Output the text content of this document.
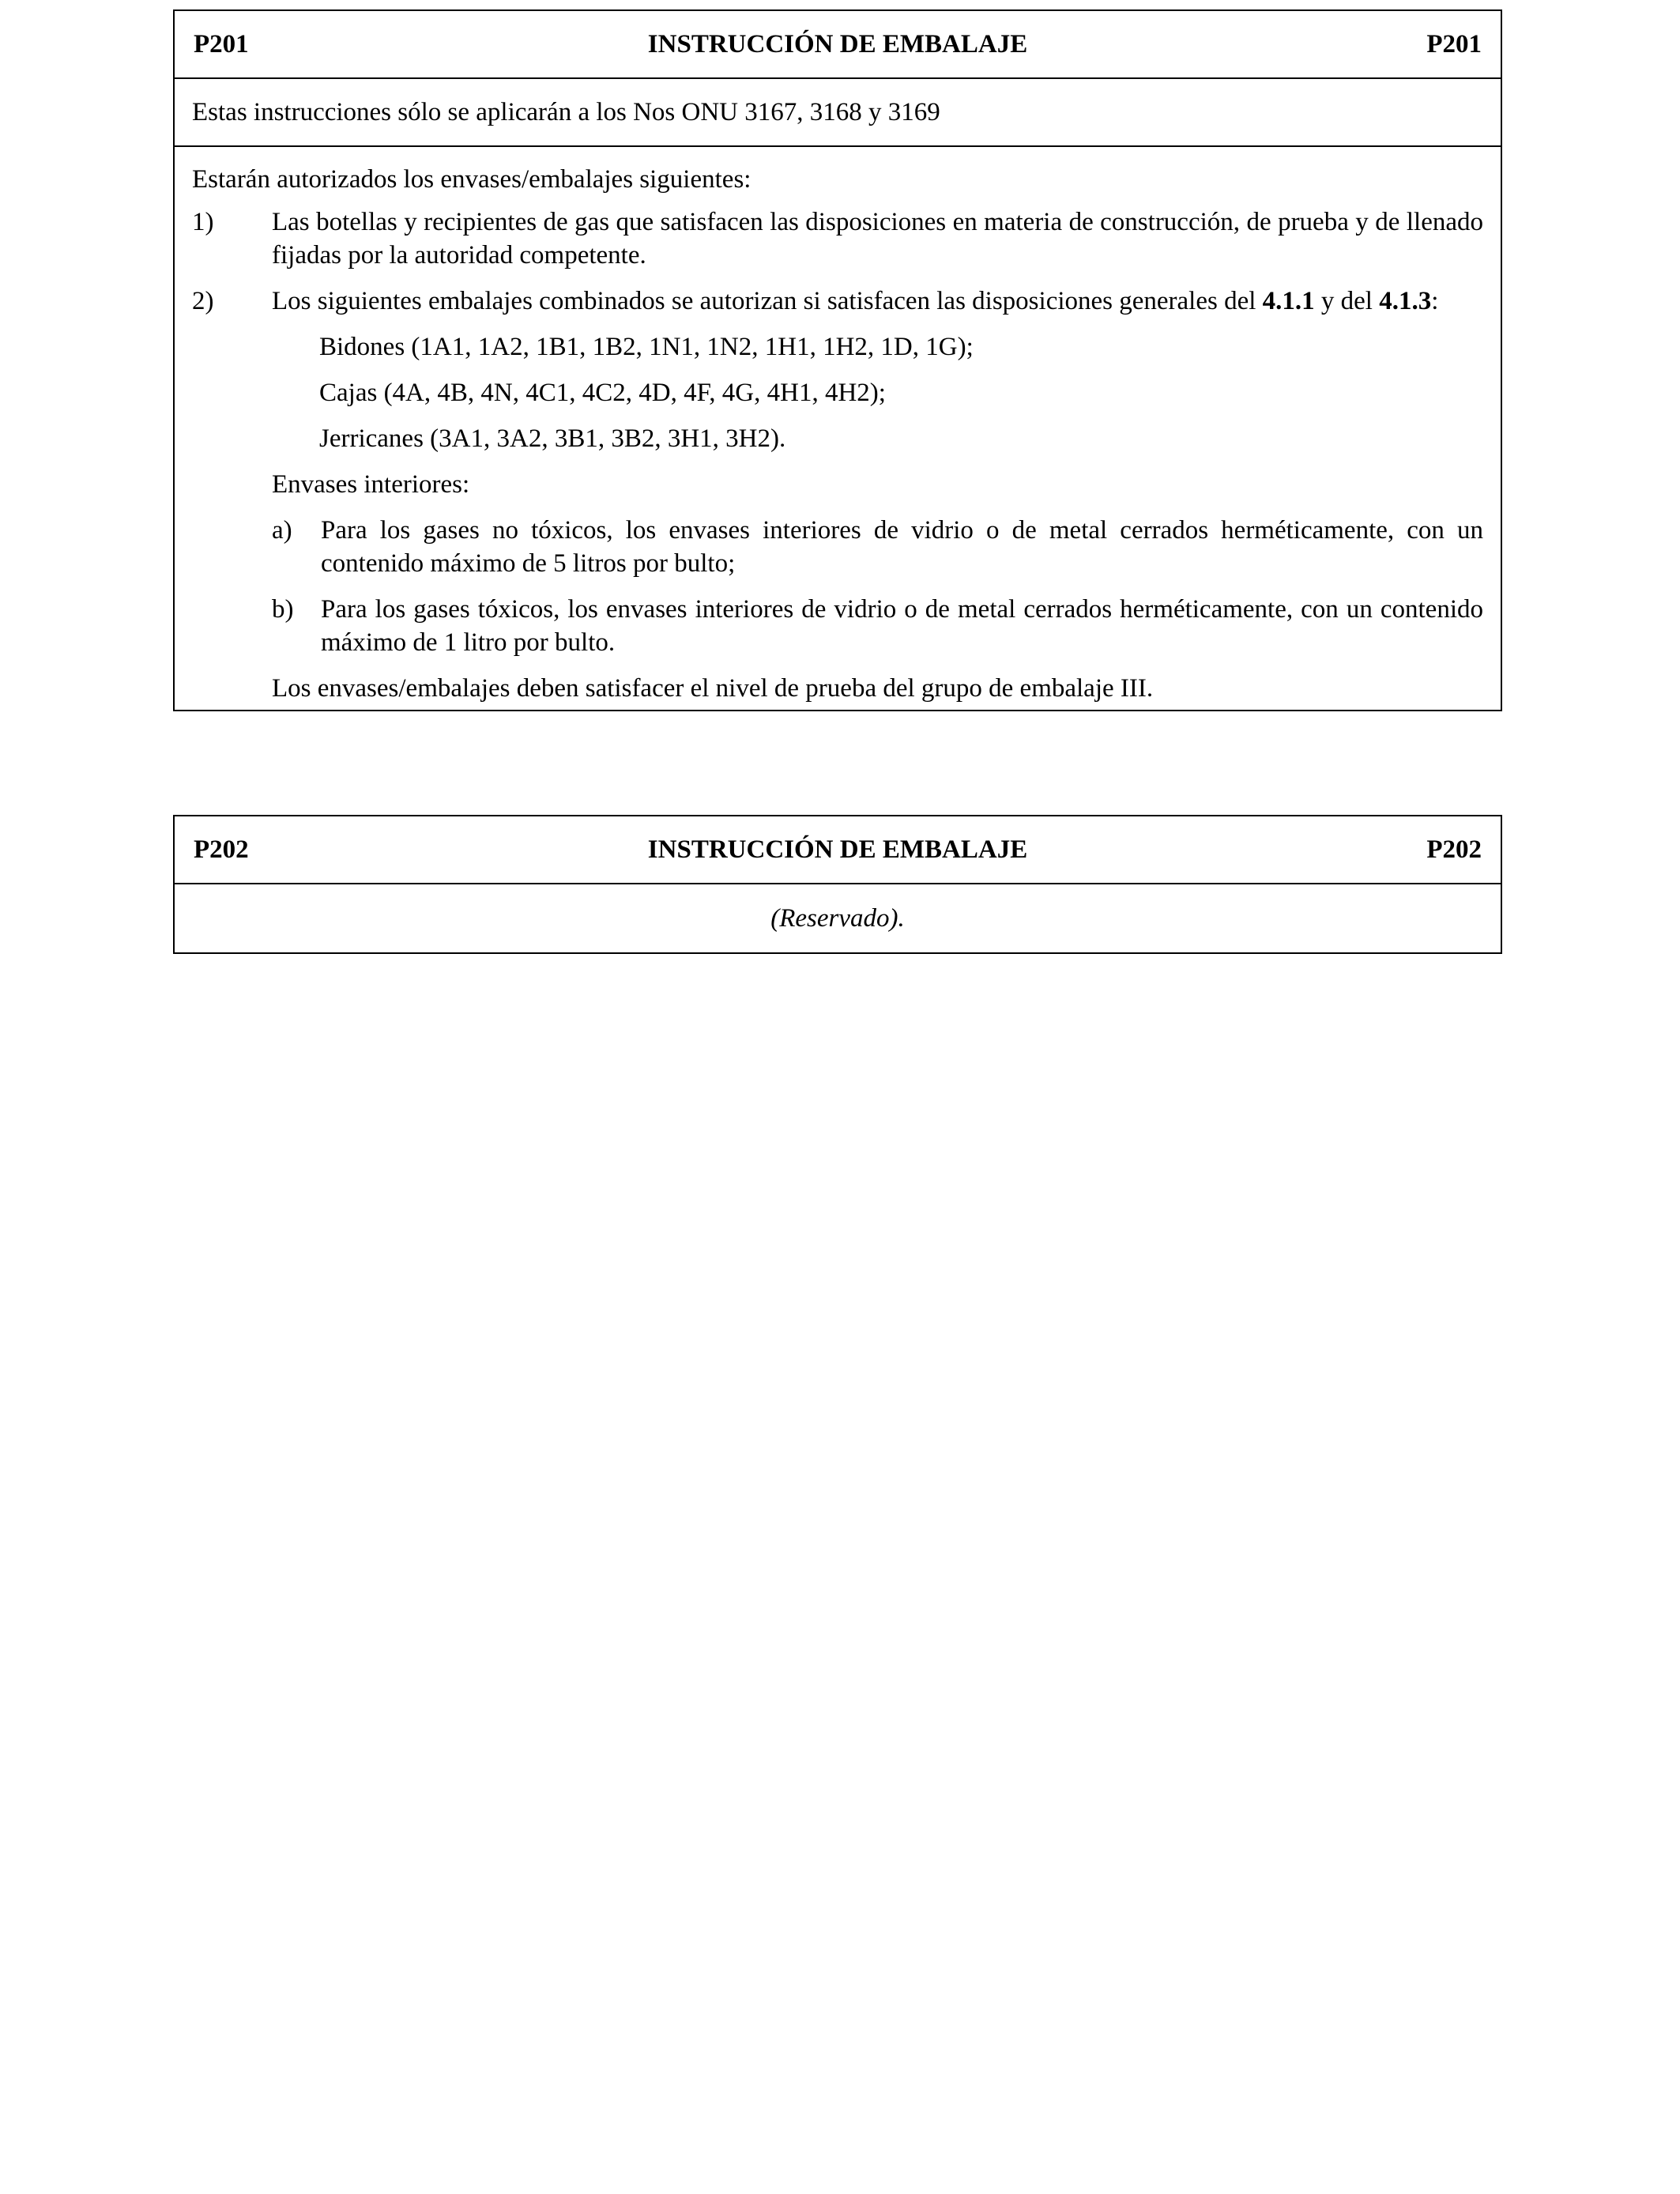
P201	INSTRUCCIÓN DE EMBALAJE	P201
Estas instrucciones sólo se aplicarán a los Nos ONU 3167, 3168 y 3169

Estarán autorizados los envases/embalajes siguientes:

1)	Las botellas y recipientes de gas que satisfacen las disposiciones en materia de construcción, de prueba y de llenado fijadas por la autoridad competente.
2)	Los siguientes embalajes combinados se autorizan si satisfacen las disposiciones generales del 4.1.1 y del 4.1.3:

Bidones (1A1, 1A2, 1B1, 1B2, 1N1, 1N2, 1H1, 1H2, 1D, 1G);

Cajas (4A, 4B, 4N, 4C1, 4C2, 4D, 4F, 4G, 4H1, 4H2);

Jerricanes (3A1, 3A2, 3B1, 3B2, 3H1, 3H2).

Envases interiores:

a)	Para los gases no tóxicos, los envases interiores de vidrio o de metal cerrados herméticamente, con un contenido máximo de 5 litros por bulto;
b)	Para los gases tóxicos, los envases interiores de vidrio o de metal cerrados herméticamente, con un contenido máximo de 1 litro por bulto.

Los envases/embalajes deben satisfacer el nivel de prueba del grupo de embalaje III.

P202	INSTRUCCIÓN DE EMBALAJE	P202
(Reservado).
